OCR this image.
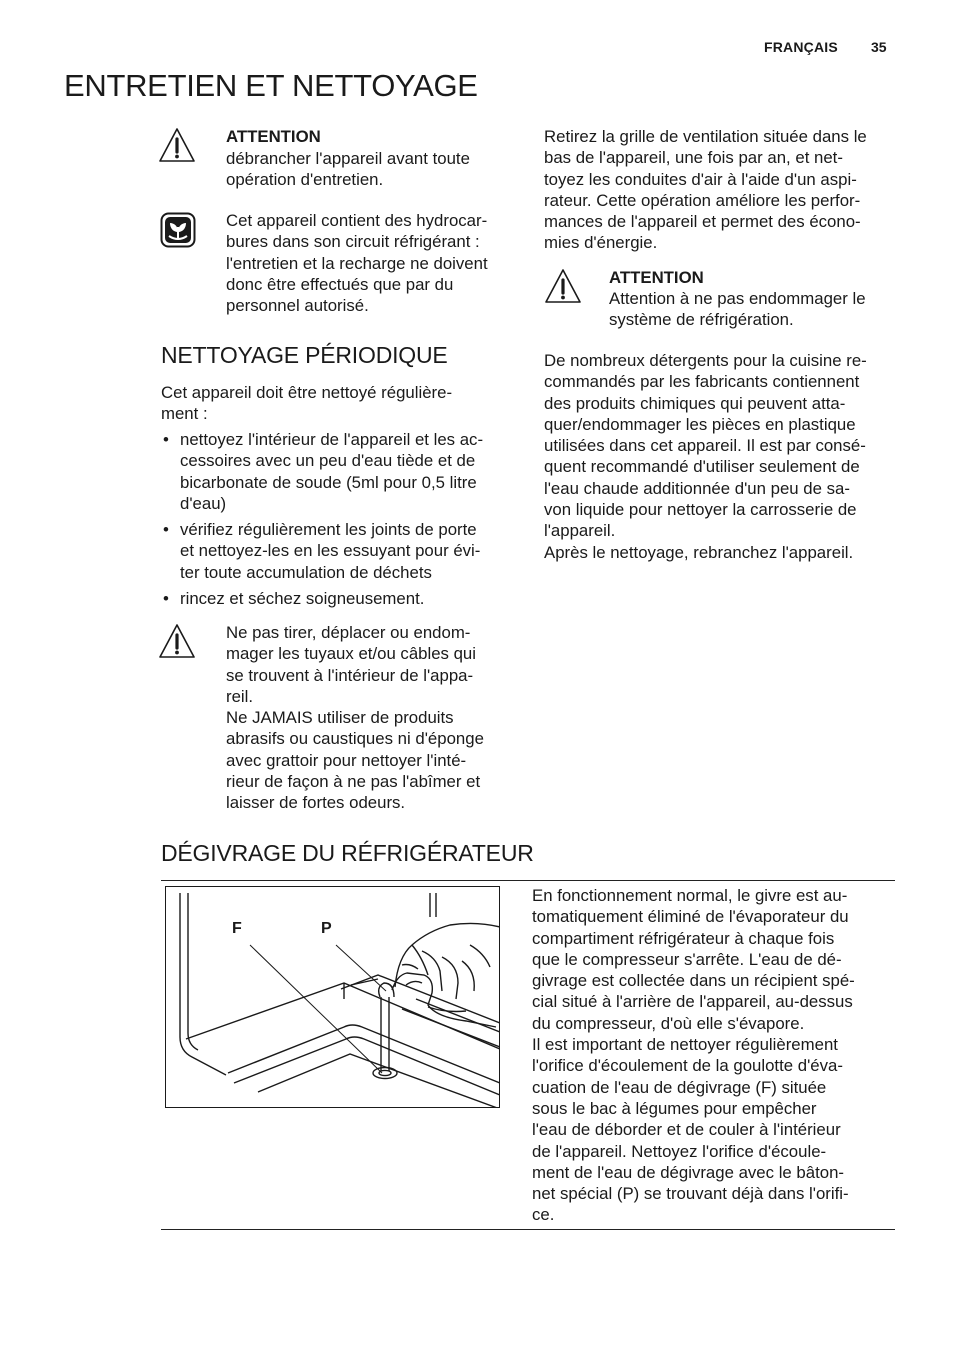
FRANÇAIS 35
ENTRETIEN ET NETTOYAGE
ATTENTION
débrancher l'appareil avant toute
opération d'entretien.
Cet appareil contient des hydrocar-
bures dans son circuit réfrigérant :
l'entretien et la recharge ne doivent
donc être effectués que par du
personnel autorisé.
NETTOYAGE PÉRIODIQUE
Cet appareil doit être nettoyé régulière-
ment :
• nettoyez l'intérieur de l'appareil et les ac-
cessoires avec un peu d'eau tiède et de
bicarbonate de soude (5ml pour 0,5 litre
d'eau)
• vérifiez régulièrement les joints de porte
et nettoyez-les en les essuyant pour évi-
ter toute accumulation de déchets
• rincez et séchez soigneusement.
Ne pas tirer, déplacer ou endom-
mager les tuyaux et/ou câbles qui
se trouvent à l'intérieur de l'appa-
reil.
Ne JAMAIS utiliser de produits
abrasifs ou caustiques ni d'éponge
avec grattoir pour nettoyer l'inté-
rieur de façon à ne pas l'abîmer et
laisser de fortes odeurs.
Retirez la grille de ventilation située dans le
bas de l'appareil, une fois par an, et net-
toyez les conduites d'air à l'aide d'un aspi-
rateur. Cette opération améliore les perfor-
mances de l'appareil et permet des écono-
mies d'énergie.
ATTENTION
Attention à ne pas endommager le
système de réfrigération.
De nombreux détergents pour la cuisine re-
commandés par les fabricants contiennent
des produits chimiques qui peuvent atta-
quer/endommager les pièces en plastique
utilisées dans cet appareil. Il est par consé-
quent recommandé d'utiliser seulement de
l'eau chaude additionnée d'un peu de sa-
von liquide pour nettoyer la carrosserie de
l'appareil.
Après le nettoyage, rebranchez l'appareil.
DÉGIVRAGE DU RÉFRIGÉRATEUR
F	P
En fonctionnement normal, le givre est au-
tomatiquement éliminé de l'évaporateur du
compartiment réfrigérateur à chaque fois
que le compresseur s'arrête. L'eau de dé-
givrage est collectée dans un récipient spé-
cial situé à l'arrière de l'appareil, au-dessus
du compresseur, d'où elle s'évapore.
Il est important de nettoyer régulièrement
l'orifice d'écoulement de la goulotte d'éva-
cuation de l'eau de dégivrage (F) située
sous le bac à légumes pour empêcher
l'eau de déborder et de couler à l'intérieur
de l'appareil. Nettoyez l'orifice d'écoule-
ment de l'eau de dégivrage avec le bâton-
net spécial (P) se trouvant déjà dans l'orifi-
ce.
